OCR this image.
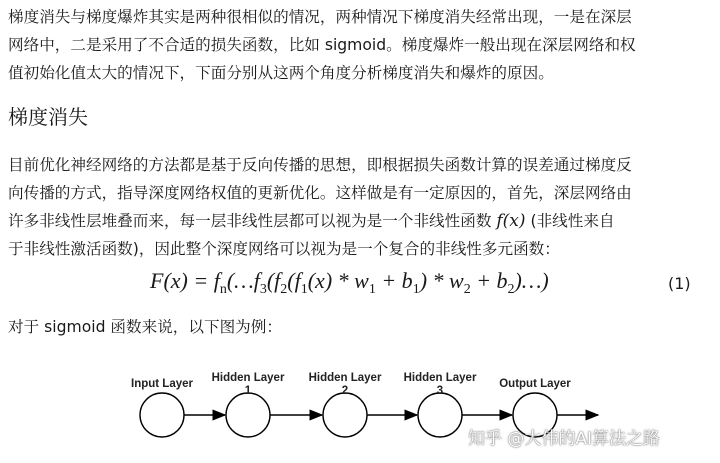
梯度消失与梯度爆炸其实是两种很相似的情况，两种情况下梯度消失经常出现，一是在深层
网络中，二是采用了不合适的损失函数，比如 sigmoid。梯度爆炸一般出现在深层网络和权
值初始化值太大的情况下，下面分别从这两个角度分析梯度消失和爆炸的原因。

梯度消失

目前优化神经网络的方法都是基于反向传播的思想，即根据损失函数计算的误差通过梯度反
向传播的方式，指导深度网络权值的更新优化。这样做是有一定原因的，首先，深层网络由
许多非线性层堆叠而来，每一层非线性层都可以视为是一个非线性函数 f(x) (非线性来自
于非线性激活函数)，因此整个深度网络可以视为是一个复合的非线性多元函数：

$F(x) = f_n(\dots f_3(f_2(f_1(x) * w_1 + b_1) * w_2$ + $b_2)\dots$)	(1)

对于 sigmoid 函数来说，以下图为例：

Input Layer Hidden Layer
1
Hidden Layer
2
Hidden Layer
3
Output Layer
知乎 @大伟的AI算法之路
